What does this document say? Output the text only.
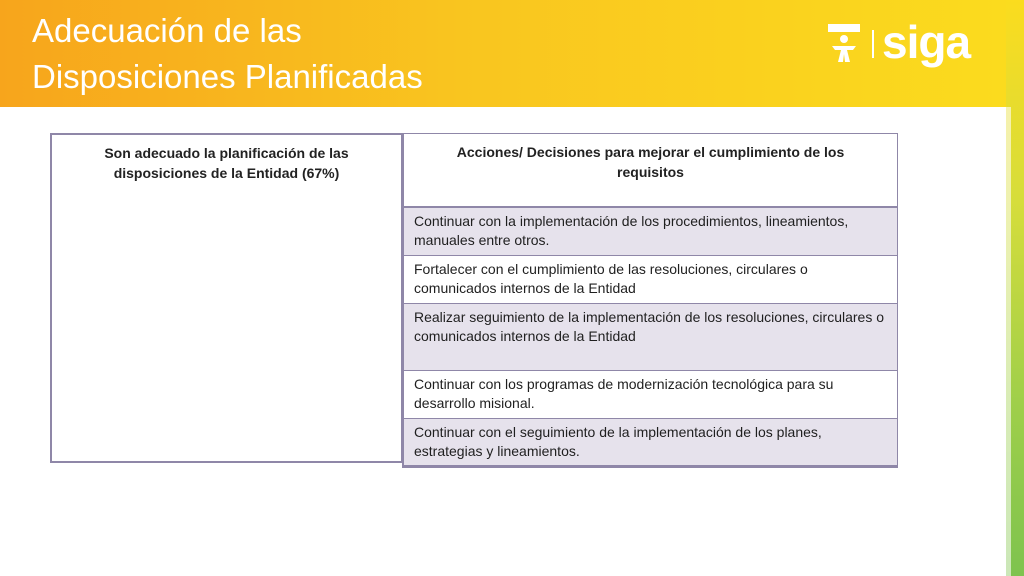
Adecuación de las
Disposiciones Planificadas
siga
Son adecuado la planificación de las disposiciones de la Entidad (67%)
Acciones/ Decisiones para mejorar el cumplimiento de los requisitos
Continuar con la implementación de los procedimientos, lineamientos, manuales entre otros.
Fortalecer con el cumplimiento de las resoluciones, circulares o comunicados internos de la Entidad
Realizar seguimiento de la implementación de los resoluciones, circulares o comunicados internos de la Entidad
Continuar con los programas de modernización tecnológica para su desarrollo misional.
Continuar con el seguimiento de la implementación de los planes, estrategias y lineamientos.
